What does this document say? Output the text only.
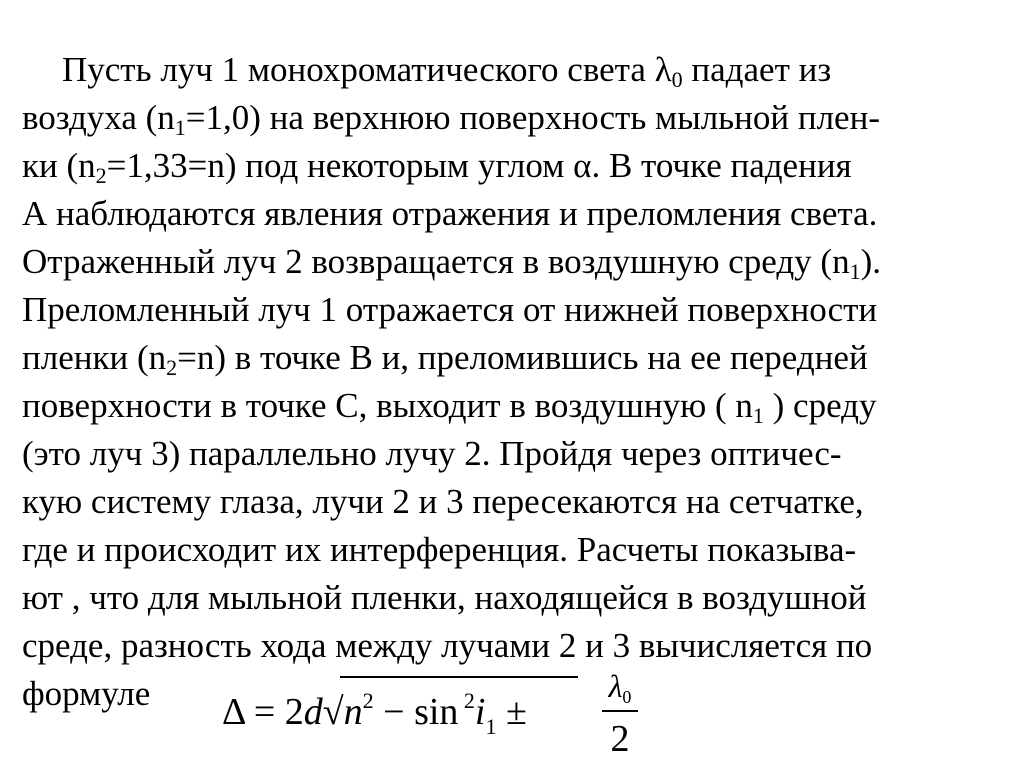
Пусть луч 1 монохроматического света $\lambda_0$ падает из
воздуха $(n_1=1,0)$ на верхнюю поверхность мыльной плен-
ки $(n_2=1,33=n)$ под некоторым углом α. В точке падения
А наблюдаются явления отражения и преломления света.
Отраженный луч 2 возвращается в воздушную среду $(n_1)$.
Преломленный луч 1 отражается от нижней поверхности
пленки $(n_2=n)$ в точке В и, преломившись на ее передней
поверхности в точке С, выходит в воздушную ( $n_1$ ) среду
(это луч 3) параллельно лучу 2. Пройдя через оптичес-
кую систему глаза, лучи 2 и 3 пересекаются на сетчатке,
где и происходит их интерференция. Расчеты показыва-
ют , что для мыльной пленки, находящейся в воздушной
среде, разность хода между лучами 2 и 3 вычисляется по
формуле	$\Delta = 2d√n^2 - \sin ^2i_1$ ±
$\lambda_0$
2
